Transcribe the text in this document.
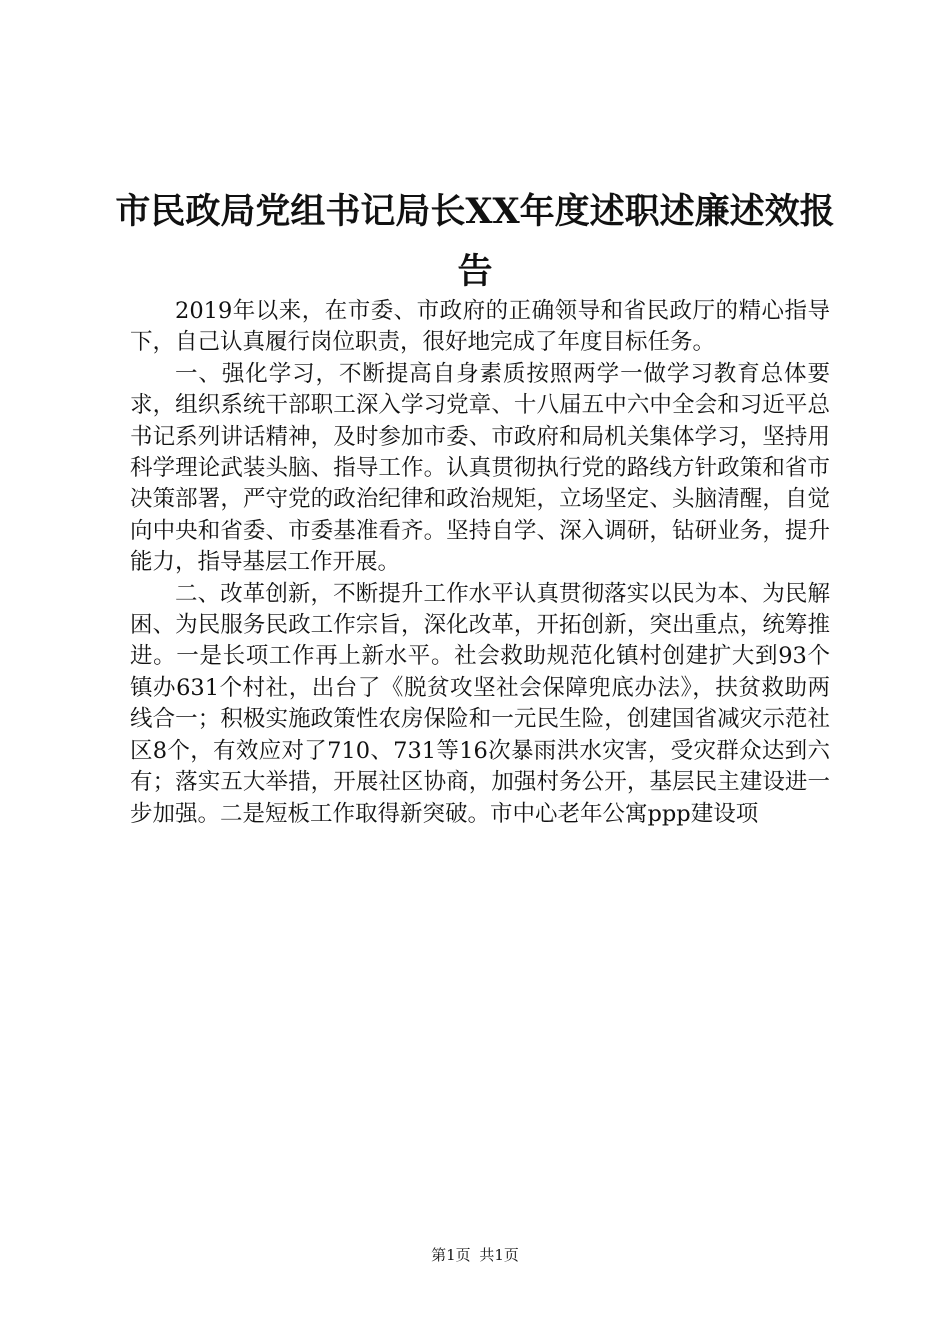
市民政局党组书记局长XX年度述职述廉述效报告

2019年以来，在市委、市政府的正确领导和省民政厅的精心指导下，自己认真履行岗位职责，很好地完成了年度目标任务。

一、强化学习，不断提高自身素质按照两学一做学习教育总体要求，组织系统干部职工深入学习党章、十八届五中六中全会和习近平总书记系列讲话精神，及时参加市委、市政府和局机关集体学习，坚持用科学理论武装头脑、指导工作。认真贯彻执行党的路线方针政策和省市决策部署，严守党的政治纪律和政治规矩，立场坚定、头脑清醒，自觉向中央和省委、市委基准看齐。坚持自学、深入调研，钻研业务，提升能力，指导基层工作开展。

二、改革创新，不断提升工作水平认真贯彻落实以民为本、为民解困、为民服务民政工作宗旨，深化改革，开拓创新，突出重点，统筹推进。一是长项工作再上新水平。社会救助规范化镇村创建扩大到93个镇办631个村社，出台了《脱贫攻坚社会保障兜底办法》，扶贫救助两线合一；积极实施政策性农房保险和一元民生险，创建国省减灾示范社区8个，有效应对了710、731等16次暴雨洪水灾害，受灾群众达到六有；落实五大举措，开展社区协商，加强村务公开，基层民主建设进一步加强。二是短板工作取得新突破。市中心老年公寓ppp建设项

第1页 共1页
